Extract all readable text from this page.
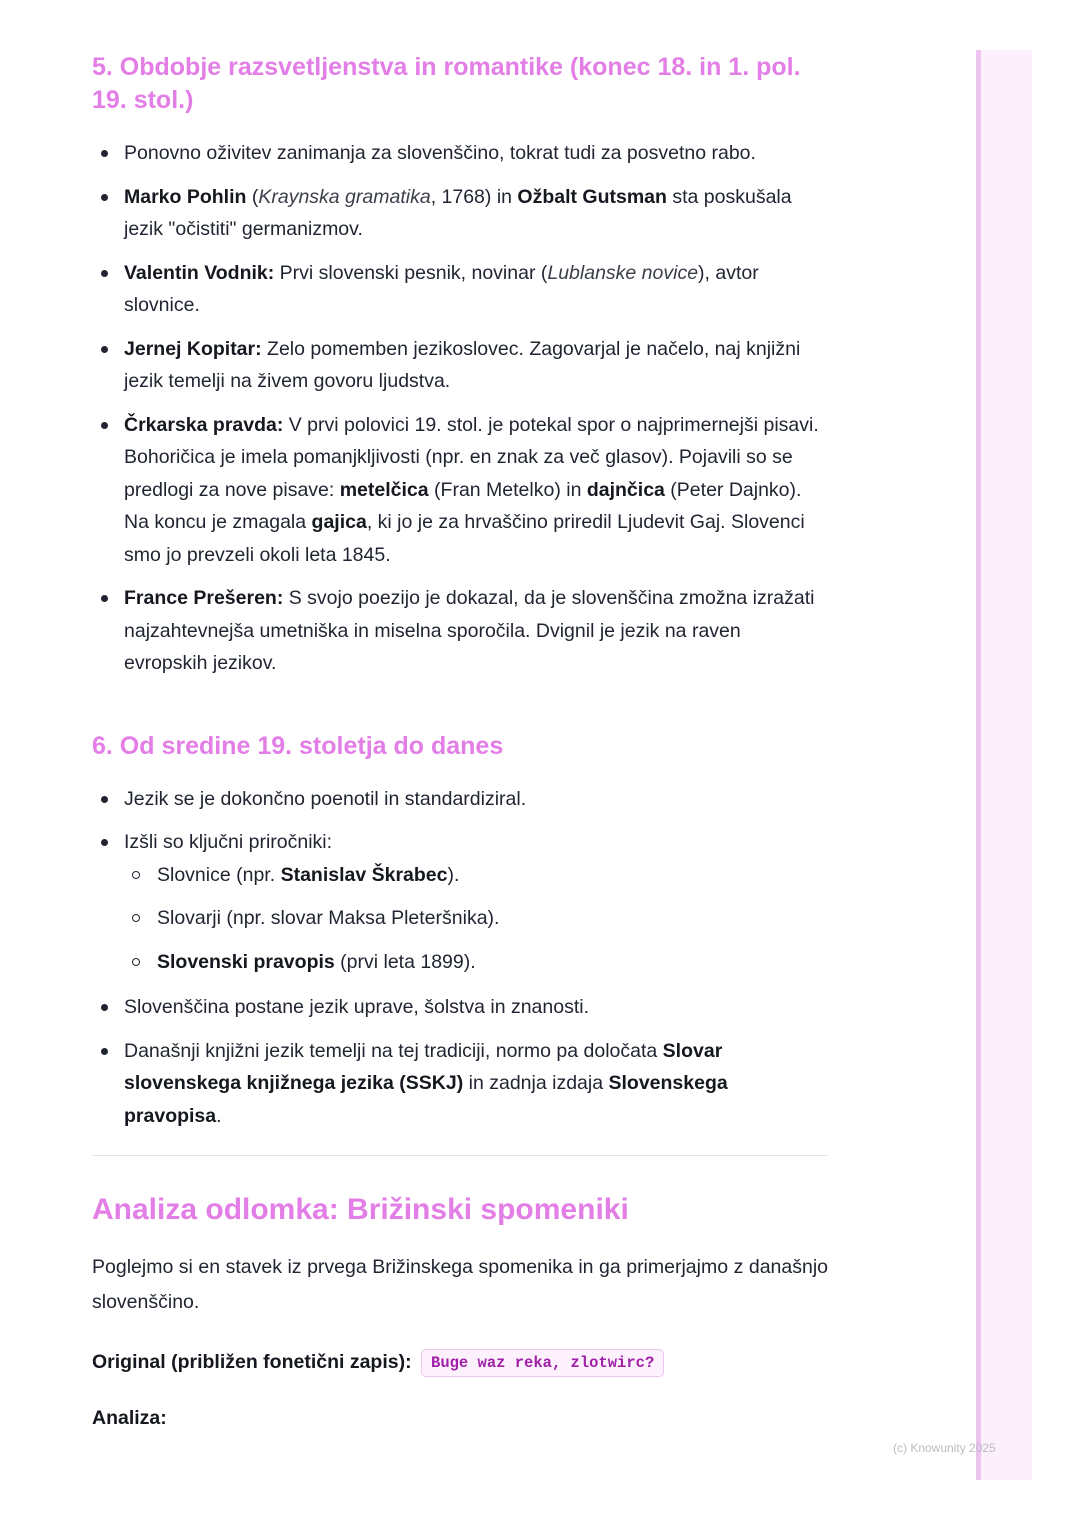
5. Obdobje razsvetljenstva in romantike (konec 18. in 1. pol. 19. stol.)
Ponovno oživitev zanimanja za slovenščino, tokrat tudi za posvetno rabo.
Marko Pohlin (Kraynska gramatika, 1768) in Ožbalt Gutsman sta poskušala jezik "očistiti" germanizmov.
Valentin Vodnik: Prvi slovenski pesnik, novinar (Lublanske novice), avtor slovnice.
Jernej Kopitar: Zelo pomemben jezikoslovec. Zagovarjal je načelo, naj knjižni jezik temelji na živem govoru ljudstva.
Črkarska pravda: V prvi polovici 19. stol. je potekal spor o najprimernejši pisavi. Bohoričica je imela pomanjkljivosti (npr. en znak za več glasov). Pojavili so se predlogi za nove pisave: metelčica (Fran Metelko) in dajnčica (Peter Dajnko). Na koncu je zmagala gajica, ki jo je za hrvaščino priredil Ljudevit Gaj. Slovenci smo jo prevzeli okoli leta 1845.
France Prešeren: S svojo poezijo je dokazal, da je slovenščina zmožna izražati najzahtevnejša umetniška in miselna sporočila. Dvignil je jezik na raven evropskih jezikov.
6. Od sredine 19. stoletja do danes
Jezik se je dokončno poenotil in standardiziral.
Izšli so ključni priročniki:
Slovnice (npr. Stanislav Škrabec).
Slovarji (npr. slovar Maksa Pleteršnika).
Slovenski pravopis (prvi leta 1899).
Slovenščina postane jezik uprave, šolstva in znanosti.
Današnji knjižni jezik temelji na tej tradiciji, normo pa določata Slovar slovenskega knjižnega jezika (SSKJ) in zadnja izdaja Slovenskega pravopisa.
Analiza odlomka: Brižinski spomeniki

Poglejmo si en stavek iz prvega Brižinskega spomenika in ga primerjajmo z današnjo slovenščino.

Original (približen fonetični zapis): Buge waz reka, zlotwirc?
Analiza:
(c) Knowunity 2025
